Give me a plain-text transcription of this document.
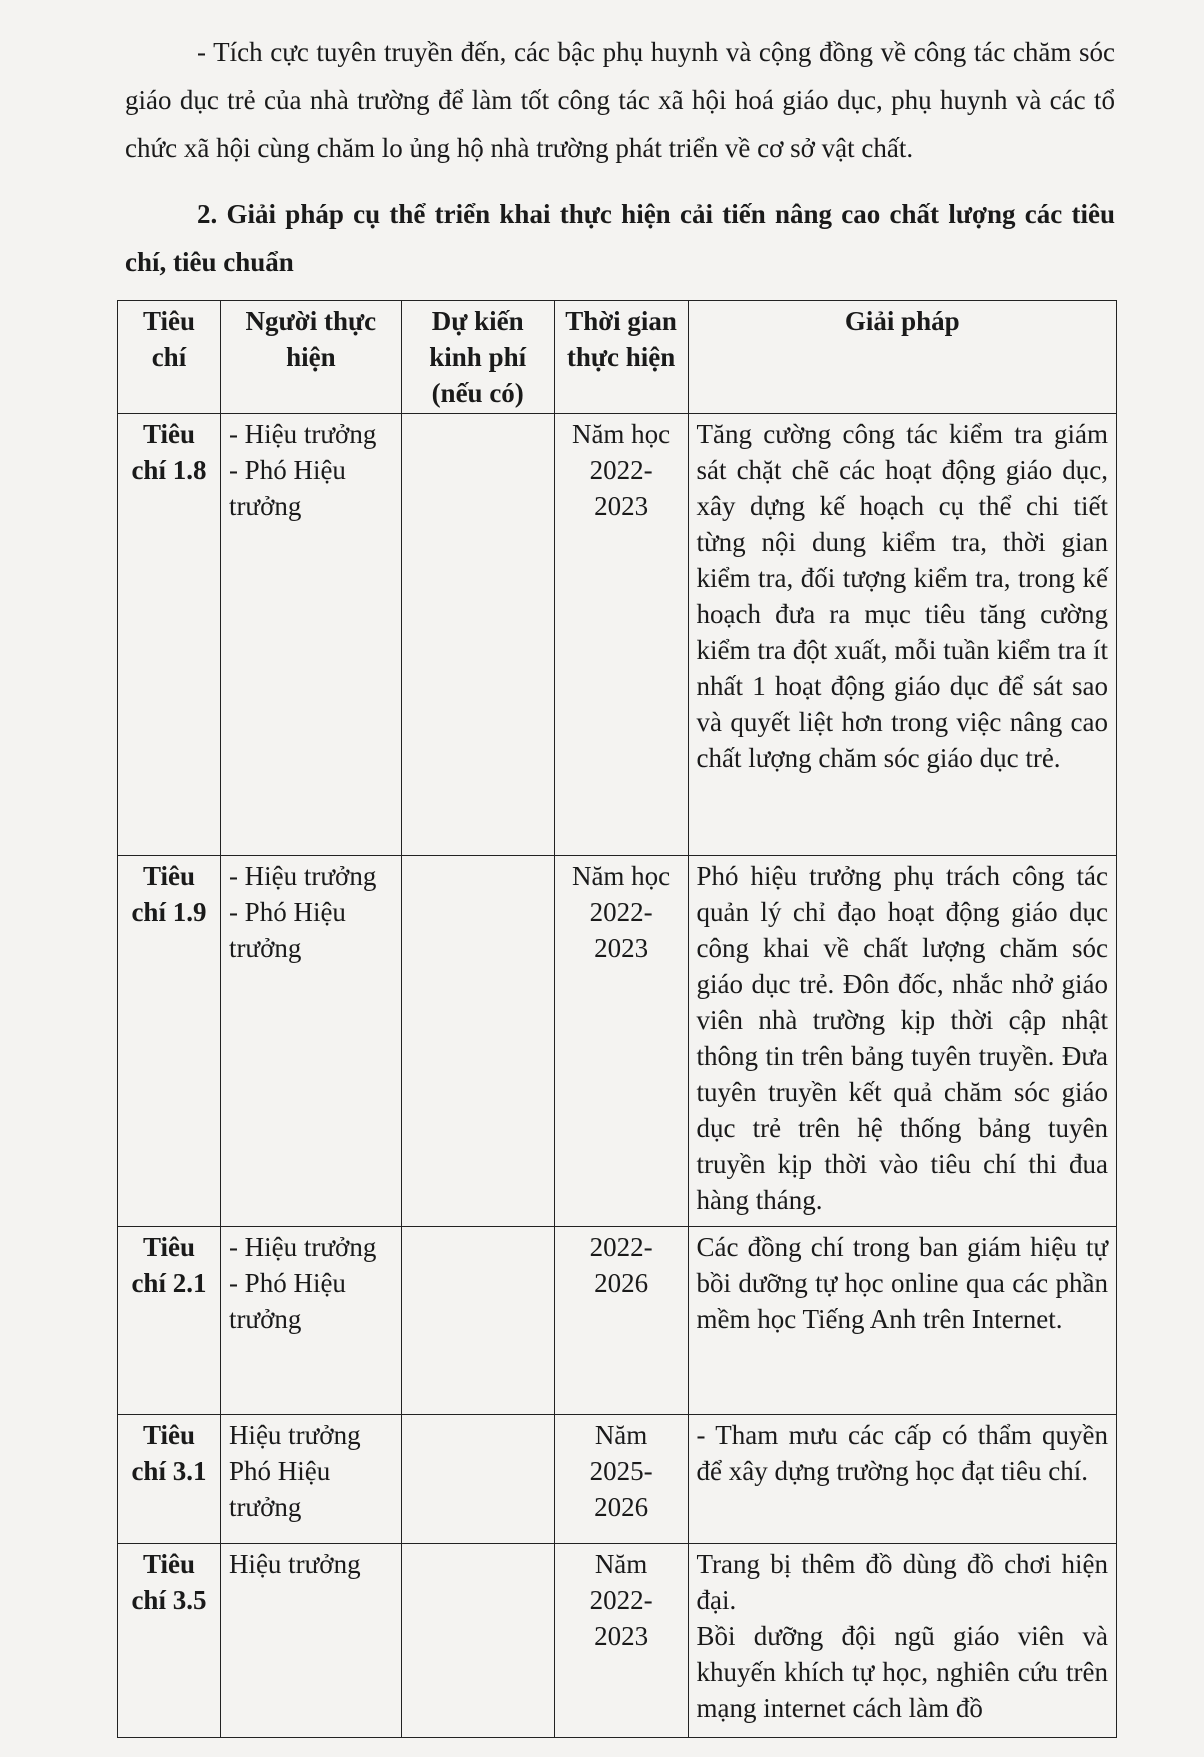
- Tích cực tuyên truyền đến, các bậc phụ huynh và cộng đồng về công tác chăm sóc giáo dục trẻ của nhà trường để làm tốt công tác xã hội hoá giáo dục, phụ huynh và các tổ chức xã hội cùng chăm lo ủng hộ nhà trường phát triển về cơ sở vật chất.

2. Giải pháp cụ thể triển khai thực hiện cải tiến nâng cao chất lượng các tiêu chí, tiêu chuẩn
Tiêu chí	Người thực hiện	Dự kiến kinh phí (nếu có)	Thời gian thực hiện	Giải pháp
Tiêu chí 1.8	- Hiệu trưởng
- Phó Hiệu trưởng		Năm học 2022-2023	Tăng cường công tác kiểm tra giám sát chặt chẽ các hoạt động giáo dục, xây dựng kế hoạch cụ thể chi tiết từng nội dung kiểm tra, thời gian kiểm tra, đối tượng kiểm tra, trong kế hoạch đưa ra mục tiêu tăng cường kiểm tra đột xuất, mỗi tuần kiểm tra ít nhất 1 hoạt động giáo dục để sát sao và quyết liệt hơn trong việc nâng cao chất lượng chăm sóc giáo dục trẻ.

Tiêu chí 1.9	- Hiệu trưởng
- Phó Hiệu trưởng		Năm học 2022-2023	Phó hiệu trưởng phụ trách công tác quản lý chỉ đạo hoạt động giáo dục công khai về chất lượng chăm sóc giáo dục trẻ. Đôn đốc, nhắc nhở giáo viên nhà trường kịp thời cập nhật thông tin trên bảng tuyên truyền. Đưa tuyên truyền kết quả chăm sóc giáo dục trẻ trên hệ thống bảng tuyên truyền kịp thời vào tiêu chí thi đua hàng tháng.

Tiêu chí 2.1	- Hiệu trưởng
- Phó Hiệu trưởng		2022-2026	Các đồng chí trong ban giám hiệu tự bồi dưỡng tự học online qua các phần mềm học Tiếng Anh trên Internet.

Tiêu chí 3.1	Hiệu trưởng
Phó Hiệu trưởng		Năm 2025-2026	- Tham mưu các cấp có thẩm quyền để xây dựng trường học đạt tiêu chí.

Tiêu chí 3.5	Hiệu trưởng		Năm 2022-2023	Trang bị thêm đồ dùng đồ chơi hiện đại.
Bồi dưỡng đội ngũ giáo viên và khuyến khích tự học, nghiên cứu trên mạng internet cách làm đồ
